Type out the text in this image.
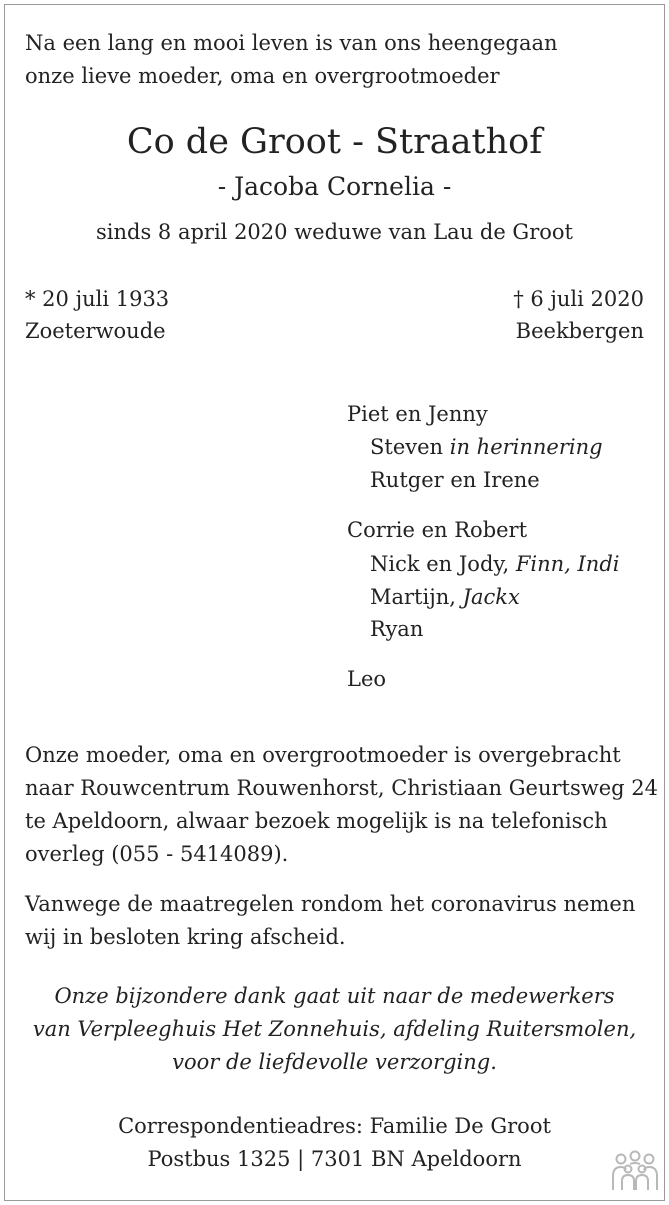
Na een lang en mooi leven is van ons heengegaan
onze lieve moeder, oma en overgrootmoeder
Co de Groot - Straathof
- Jacoba Cornelia -
sinds 8 april 2020 weduwe van Lau de Groot
* 20 juli 1933
Zoeterwoude
† 6 juli 2020
Beekbergen
Piet en Jenny
Steven in herinnering
Rutger en Irene
Corrie en Robert
Nick en Jody, Finn, Indi
Martijn, Jackx
Ryan
Leo
Onze moeder, oma en overgrootmoeder is overgebracht
naar Rouwcentrum Rouwenhorst, Christiaan Geurtsweg 24
te Apeldoorn, alwaar bezoek mogelijk is na telefonisch
overleg (055 - 5414089).
Vanwege de maatregelen rondom het coronavirus nemen
wij in besloten kring afscheid.
Onze bijzondere dank gaat uit naar de medewerkers
van Verpleeghuis Het Zonnehuis, afdeling Ruitersmolen,
voor de liefdevolle verzorging.
Correspondentieadres: Familie De Groot
Postbus 1325 | 7301 BN Apeldoorn
